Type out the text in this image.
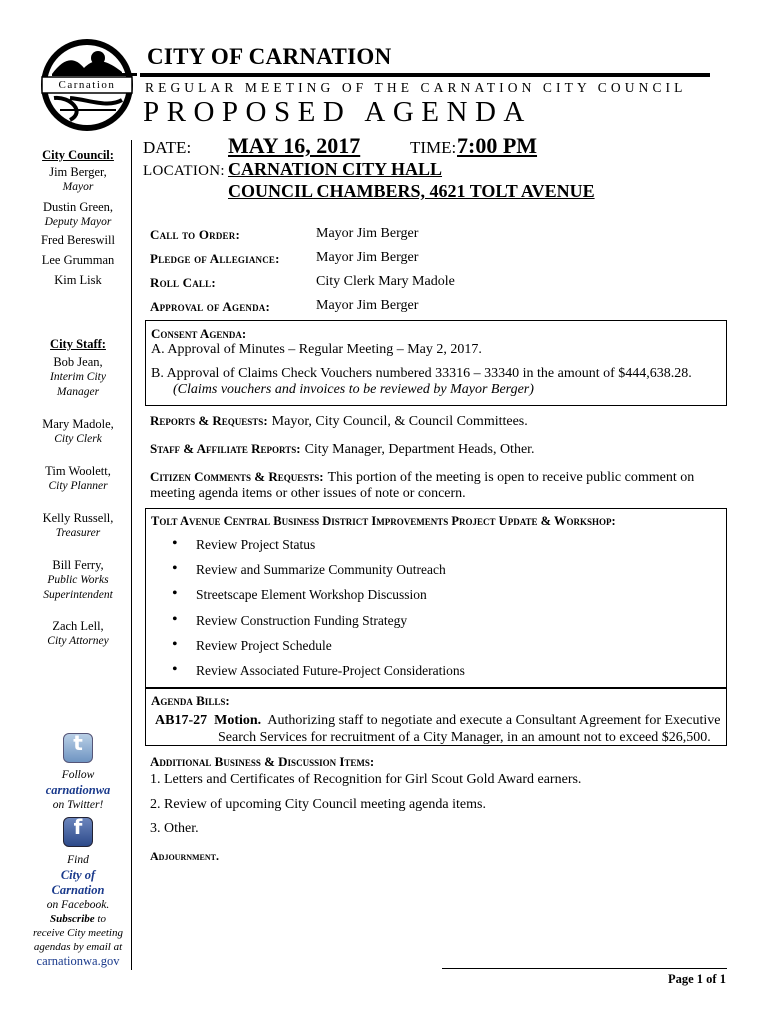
Carnation
CITY OF CARNATION
REGULAR MEETING OF THE CARNATION CITY COUNCIL
PROPOSED AGENDA
City Council:
Jim Berger,
Mayor
Dustin Green,
Deputy Mayor
Fred Bereswill
Lee Grumman
Kim Lisk
City Staff:
Bob Jean,
Interim City
Manager
Mary Madole,
City Clerk
Tim Woolett,
City Planner
Kelly Russell,
Treasurer
Bill Ferry,
Public Works
Superintendent
Zach Lell,
City Attorney
t
Follow
carnationwa
on Twitter!
f
Find
City of
Carnation
on Facebook.
Subscribe to
receive City meeting
agendas by email at
carnationwa.gov
DATE: MAY 16, 2017	TIME: 7:00 PM
LOCATION: CARNATION CITY HALL
COUNCIL CHAMBERS, 4621 TOLT AVENUE
Call to Order:	Mayor Jim Berger
Pledge of Allegiance:	Mayor Jim Berger
Roll Call:	City Clerk Mary Madole
Approval of Agenda:	Mayor Jim Berger
Consent Agenda:
A. Approval of Minutes – Regular Meeting – May 2, 2017.
B. Approval of Claims Check Vouchers numbered 33316 – 33340 in the amount of $444,638.28.
(Claims vouchers and invoices to be reviewed by Mayor Berger)
Reports & Requests: Mayor, City Council, & Council Committees.
Staff & Affiliate Reports: City Manager, Department Heads, Other.
Citizen Comments & Requests: This portion of the meeting is open to receive public comment on
meeting agenda items or other issues of note or concern.
Tolt Avenue Central Business District Improvements Project Update & Workshop:
• Review Project Status
• Review and Summarize Community Outreach
• Streetscape Element Workshop Discussion
• Review Construction Funding Strategy
• Review Project Schedule
• Review Associated Future-Project Considerations
Agenda Bills:
AB17-27 Motion. Authorizing staff to negotiate and execute a Consultant Agreement for Executive
Search Services for recruitment of a City Manager, in an amount not to exceed $26,500.
Additional Business & Discussion Items:
1. Letters and Certificates of Recognition for Girl Scout Gold Award earners.
2. Review of upcoming City Council meeting agenda items.
3. Other.
Adjournment.
Page 1 of 1
